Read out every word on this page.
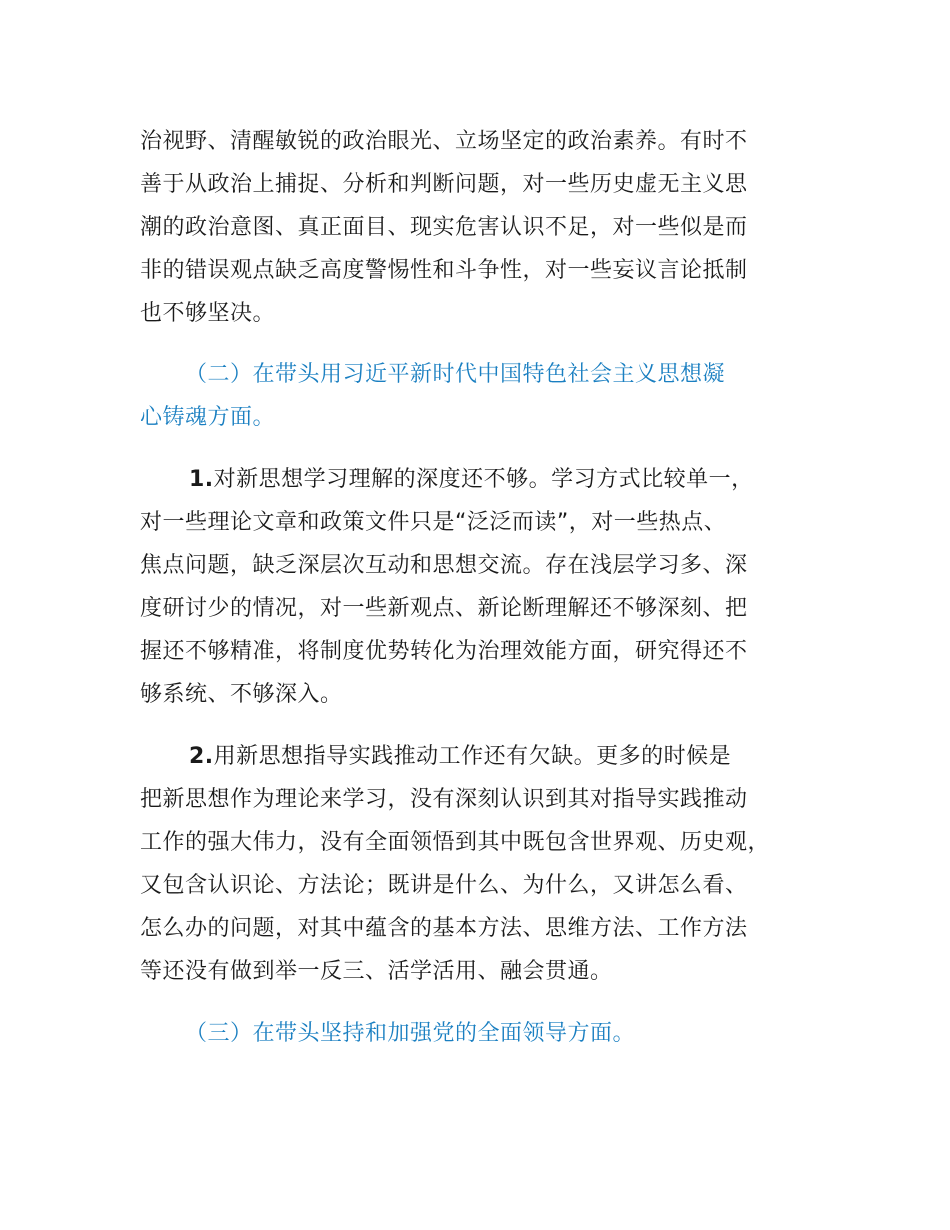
治视野、清醒敏锐的政治眼光、立场坚定的政治素养。有时不
善于从政治上捕捉、分析和判断问题，对一些历史虚无主义思
潮的政治意图、真正面目、现实危害认识不足，对一些似是而
非的错误观点缺乏高度警惕性和斗争性，对一些妄议言论抵制
也不够坚决。
（二）在带头用习近平新时代中国特色社会主义思想凝
心铸魂方面。
1.对新思想学习理解的深度还不够。学习方式比较单一，
对一些理论文章和政策文件只是“泛泛而读”，对一些热点、
焦点问题，缺乏深层次互动和思想交流。存在浅层学习多、深
度研讨少的情况，对一些新观点、新论断理解还不够深刻、把
握还不够精准，将制度优势转化为治理效能方面，研究得还不
够系统、不够深入。
2.用新思想指导实践推动工作还有欠缺。更多的时候是
把新思想作为理论来学习，没有深刻认识到其对指导实践推动
工作的强大伟力，没有全面领悟到其中既包含世界观、历史观，
又包含认识论、方法论；既讲是什么、为什么，又讲怎么看、
怎么办的问题，对其中蕴含的基本方法、思维方法、工作方法
等还没有做到举一反三、活学活用、融会贯通。
（三）在带头坚持和加强党的全面领导方面。
